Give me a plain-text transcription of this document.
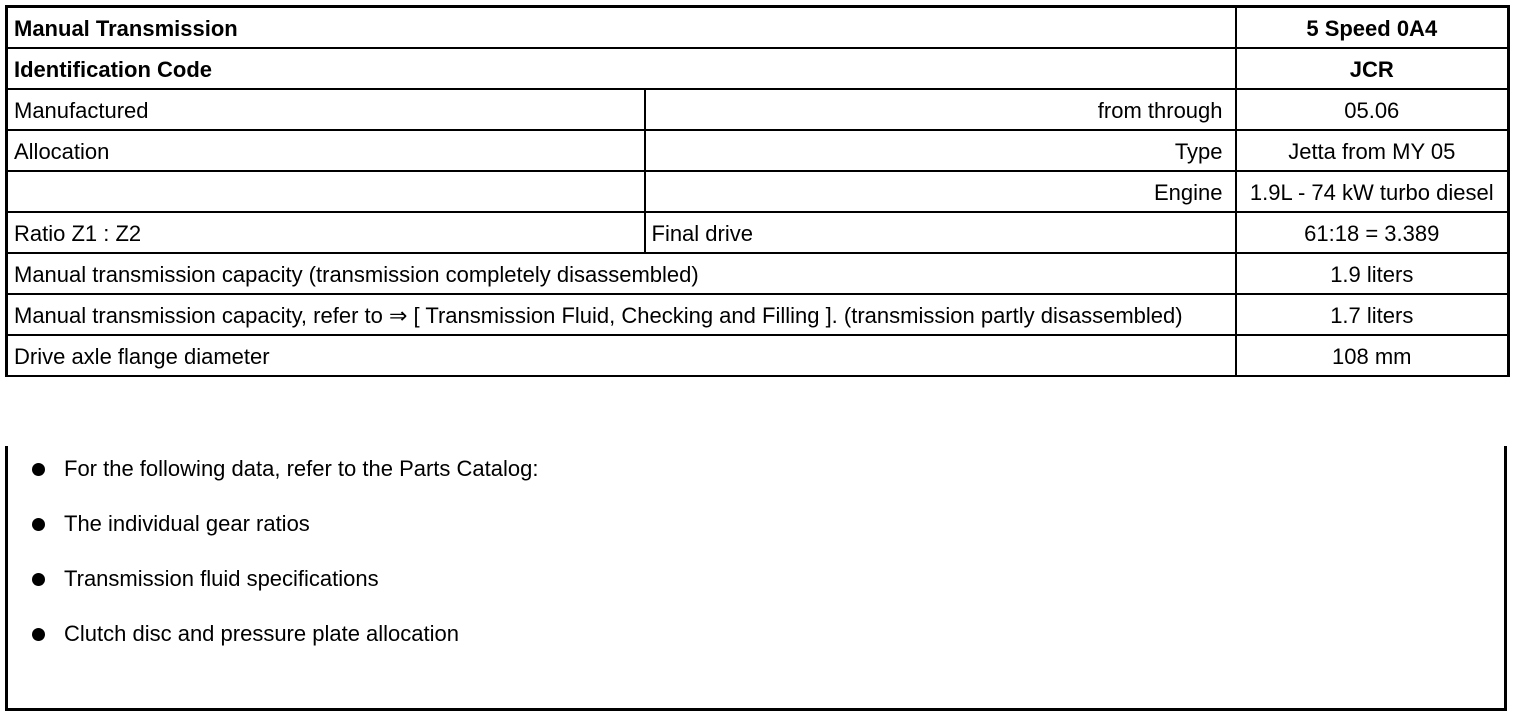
Manual Transmission		5 Speed 0A4
Identification Code		JCR
Manufactured	from through	05.06
Allocation	Type	Jetta from MY 05
	Engine	1.9L - 74 kW turbo diesel
Ratio Z1 : Z2	Final drive	61:18 = 3.389
Manual transmission capacity (transmission completely disassembled)		1.9 liters
Manual transmission capacity, refer to ⇒ [ Transmission Fluid, Checking and Filling ]. (transmission partly disassembled)		1.7 liters
Drive axle flange diameter		108 mm
For the following data, refer to the Parts Catalog:
The individual gear ratios
Transmission fluid specifications
Clutch disc and pressure plate allocation
